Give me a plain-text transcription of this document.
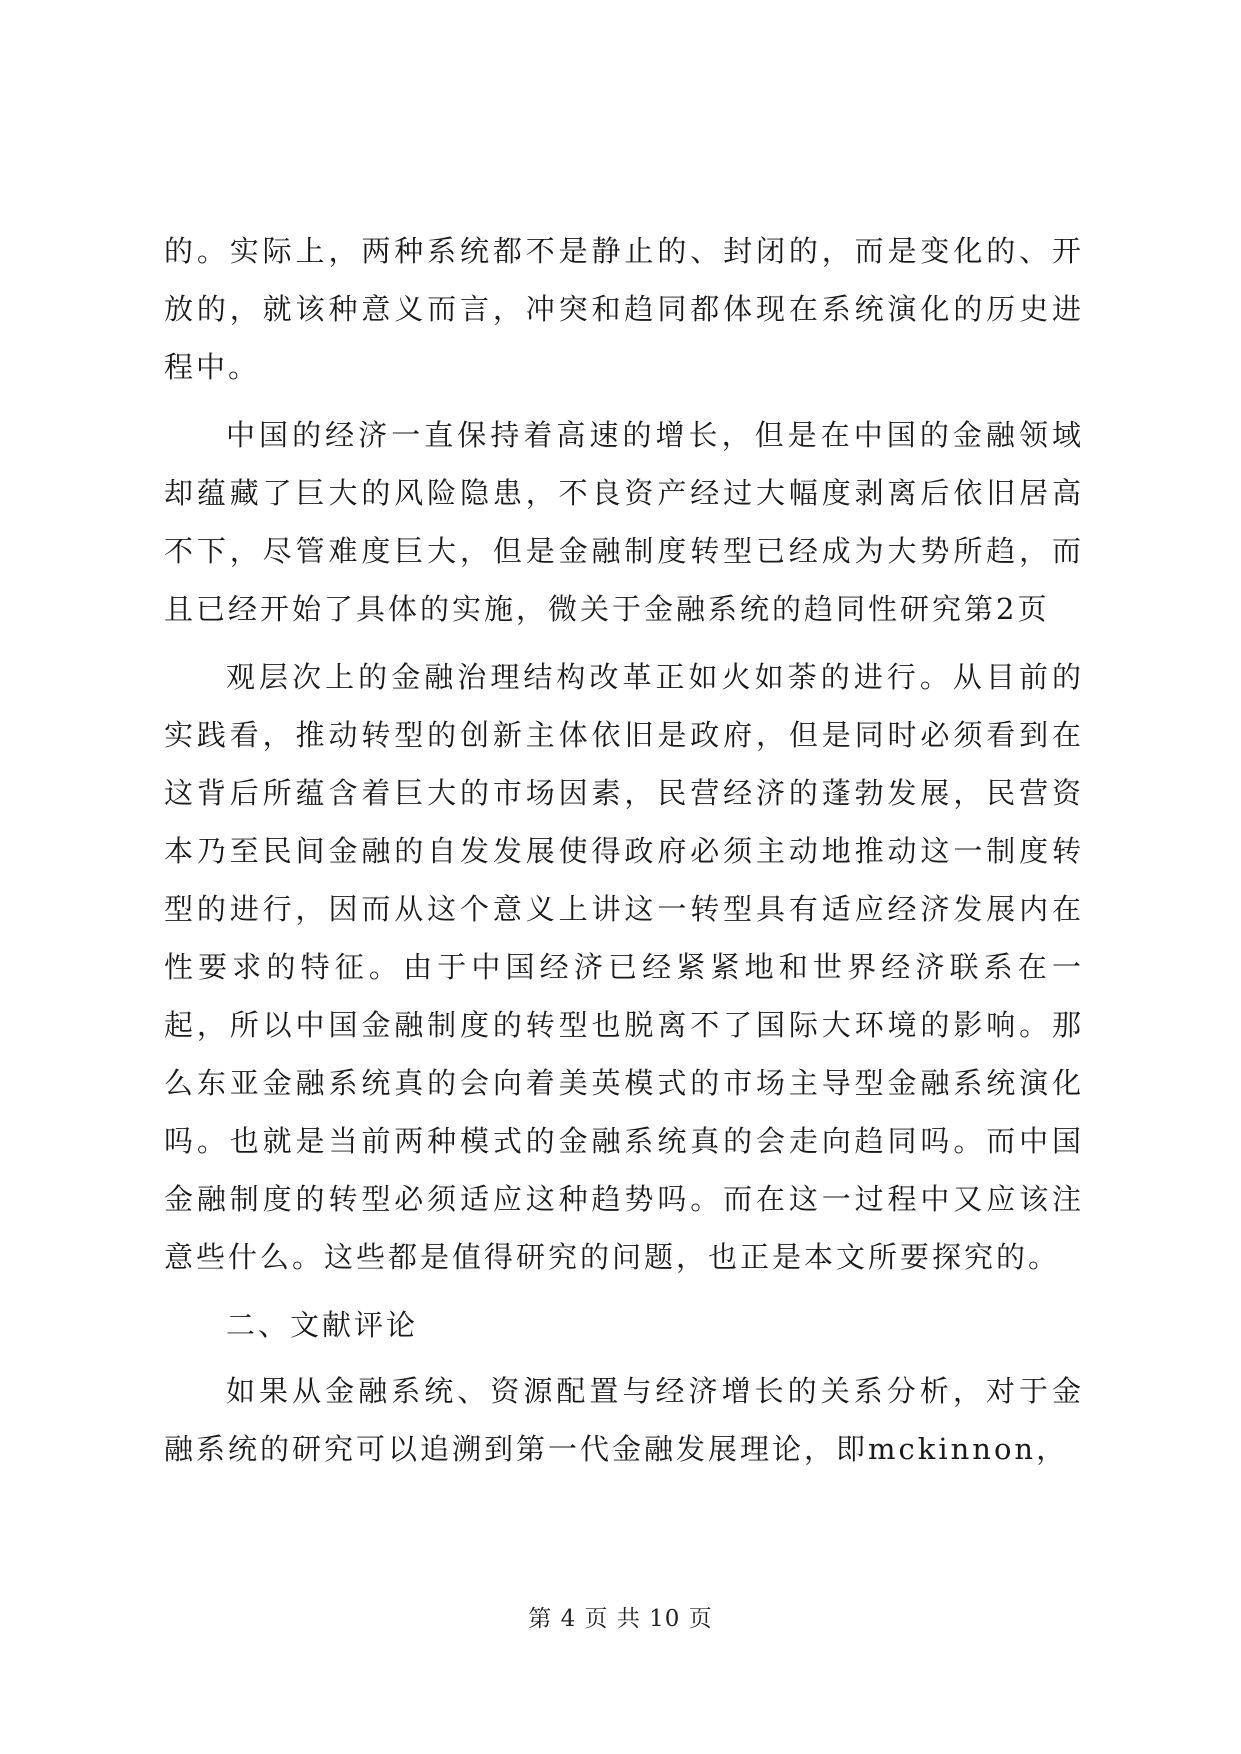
的。实际上，两种系统都不是静止的、封闭的，而是变化的、开放的，就该种意义而言，冲突和趋同都体现在系统演化的历史进程中。

中国的经济一直保持着高速的增长，但是在中国的金融领域却蕴藏了巨大的风险隐患，不良资产经过大幅度剥离后依旧居高不下，尽管难度巨大，但是金融制度转型已经成为大势所趋，而且已经开始了具体的实施，微关于金融系统的趋同性研究第2页

观层次上的金融治理结构改革正如火如荼的进行。从目前的实践看，推动转型的创新主体依旧是政府，但是同时必须看到在这背后所蕴含着巨大的市场因素，民营经济的蓬勃发展，民营资本乃至民间金融的自发发展使得政府必须主动地推动这一制度转型的进行，因而从这个意义上讲这一转型具有适应经济发展内在性要求的特征。由于中国经济已经紧紧地和世界经济联系在一起，所以中国金融制度的转型也脱离不了国际大环境的影响。那么东亚金融系统真的会向着美英模式的市场主导型金融系统演化吗。也就是当前两种模式的金融系统真的会走向趋同吗。而中国金融制度的转型必须适应这种趋势吗。而在这一过程中又应该注意些什么。这些都是值得研究的问题，也正是本文所要探究的。

二、文献评论

如果从金融系统、资源配置与经济增长的关系分析，对于金融系统的研究可以追溯到第一代金融发展理论，即mckinnon，

第 4 页 共 10 页
